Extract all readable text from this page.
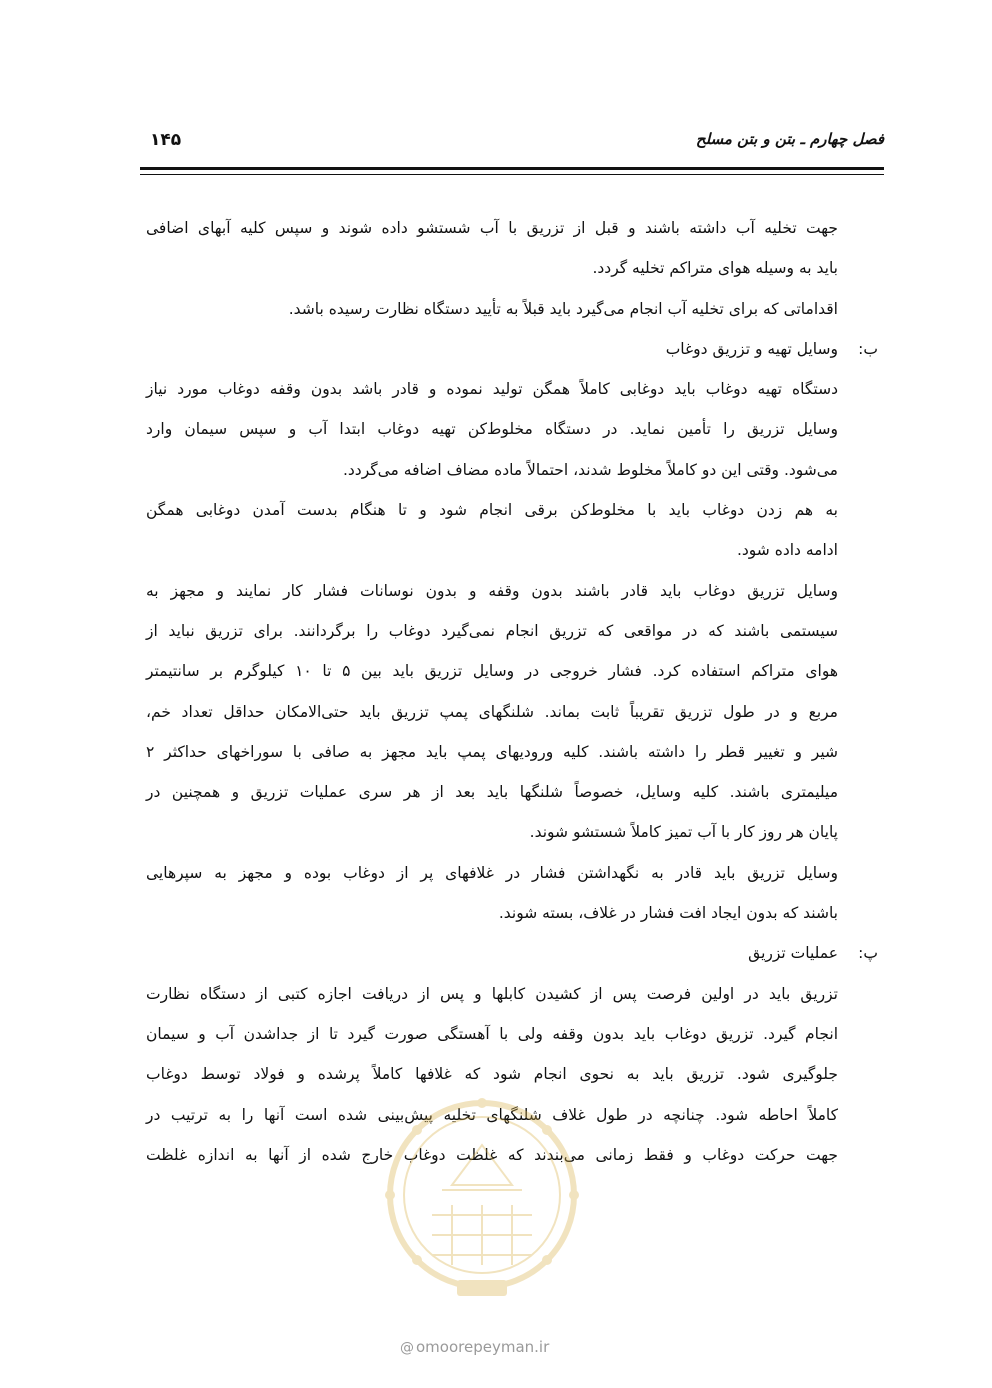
فصل چهارم ـ بتن و بتن مسلح
۱۴۵
جهت تخلیه آب داشته باشند و قبل از تزریق با آب شستشو داده شوند و سپس کلیه آبهای اضافی
باید به وسیله هوای متراکم تخلیه گردد.
اقداماتی که برای تخلیه آب انجام می‌گیرد باید قبلاً به تأیید دستگاه نظارت رسیده باشد.
ب:
وسایل تهیه و تزریق دوغاب
دستگاه تهیه دوغاب باید دوغابی کاملاً همگن تولید نموده و قادر باشد بدون وقفه دوغاب مورد نیاز
وسایل تزریق را تأمین نماید. در دستگاه مخلوط‌کن تهیه دوغاب ابتدا آب و سپس سیمان وارد
می‌شود. وقتی این دو کاملاً مخلوط شدند، احتمالاً ماده مضاف اضافه می‌گردد.
به هم زدن دوغاب باید با مخلوط‌کن برقی انجام شود و تا هنگام بدست آمدن دوغابی همگن
ادامه داده شود.
وسایل تزریق دوغاب باید قادر باشند بدون وقفه و بدون نوسانات فشار کار نمایند و مجهز به
سیستمی باشند که در مواقعی که تزریق انجام نمی‌گیرد دوغاب را برگردانند. برای تزریق نباید از
هوای متراکم استفاده کرد. فشار خروجی در وسایل تزریق باید بین ۵ تا ۱۰ کیلوگرم بر سانتیمتر
مربع و در طول تزریق تقریباً ثابت بماند. شلنگهای پمپ تزریق باید حتی‌الامکان حداقل تعداد خم،
شیر و تغییر قطر را داشته باشند. کلیه ورودیهای پمپ باید مجهز به صافی با سوراخهای حداکثر ۲
میلیمتری باشند. کلیه وسایل، خصوصاً شلنگها باید بعد از هر سری عملیات تزریق و همچنین در
پایان هر روز کار با آب تمیز کاملاً شستشو شوند.
وسایل تزریق باید قادر به نگهداشتن فشار در غلافهای پر از دوغاب بوده و مجهز به سپرهایی
باشند که بدون ایجاد افت فشار در غلاف، بسته شوند.
پ:
عملیات تزریق
تزریق باید در اولین فرصت پس از کشیدن کابلها و پس از دریافت اجازه کتبی از دستگاه نظارت
انجام گیرد. تزریق دوغاب باید بدون وقفه ولی با آهستگی صورت گیرد تا از جداشدن آب و سیمان
جلوگیری شود. تزریق باید به نحوی انجام شود که غلافها کاملاً پرشده و فولاد توسط دوغاب
کاملاً احاطه شود. چنانچه در طول غلاف شلنگهای تخلیه پیش‌بینی شده است آنها را به ترتیب در
جهت حرکت دوغاب و فقط زمانی می‌بندند که غلظت دوغاب خارج شده از آنها به اندازه غلظت
@ omoorepeyman.ir
